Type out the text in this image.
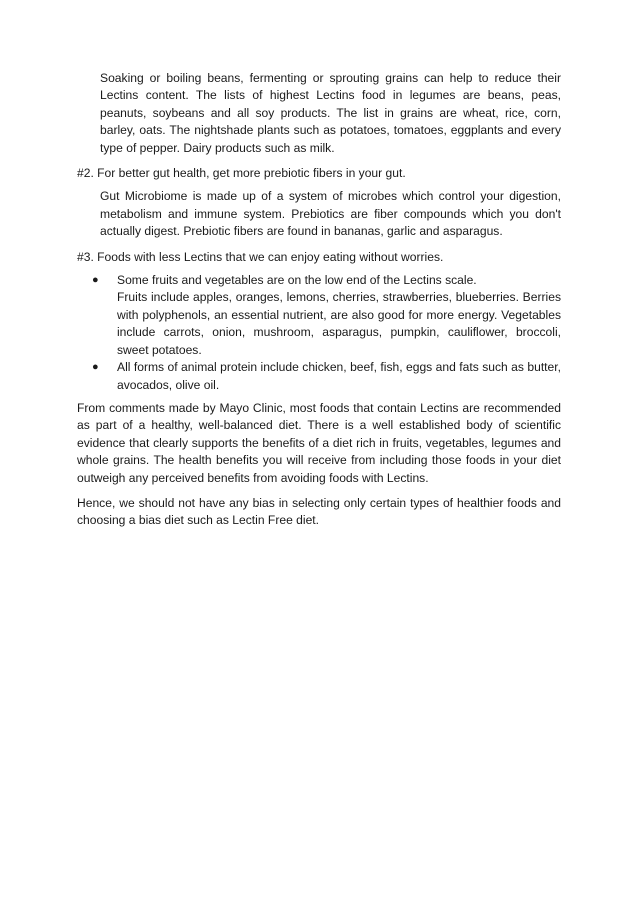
Soaking or boiling beans, fermenting or sprouting grains can help to reduce their Lectins content. The lists of highest Lectins food in legumes are beans, peas, peanuts, soybeans and all soy products. The list in grains are wheat, rice, corn, barley, oats. The nightshade plants such as potatoes, tomatoes, eggplants and every type of pepper. Dairy products such as milk.

#2. For better gut health, get more prebiotic fibers in your gut.

Gut Microbiome is made up of a system of microbes which control your digestion, metabolism and immune system. Prebiotics are fiber compounds which you don't actually digest. Prebiotic fibers are found in bananas, garlic and asparagus.

#3. Foods with less Lectins that we can enjoy eating without worries.

● Some fruits and vegetables are on the low end of the Lectins scale.
Fruits include apples, oranges, lemons, cherries, strawberries, blueberries. Berries with polyphenols, an essential nutrient, are also good for more energy. Vegetables include carrots, onion, mushroom, asparagus, pumpkin, cauliflower, broccoli, sweet potatoes.
● All forms of animal protein include chicken, beef, fish, eggs and fats such as butter, avocados, olive oil.

From comments made by Mayo Clinic, most foods that contain Lectins are recommended as part of a healthy, well-balanced diet. There is a well established body of scientific evidence that clearly supports the benefits of a diet rich in fruits, vegetables, legumes and whole grains. The health benefits you will receive from including those foods in your diet outweigh any perceived benefits from avoiding foods with Lectins.

Hence, we should not have any bias in selecting only certain types of healthier foods and choosing a bias diet such as Lectin Free diet.
